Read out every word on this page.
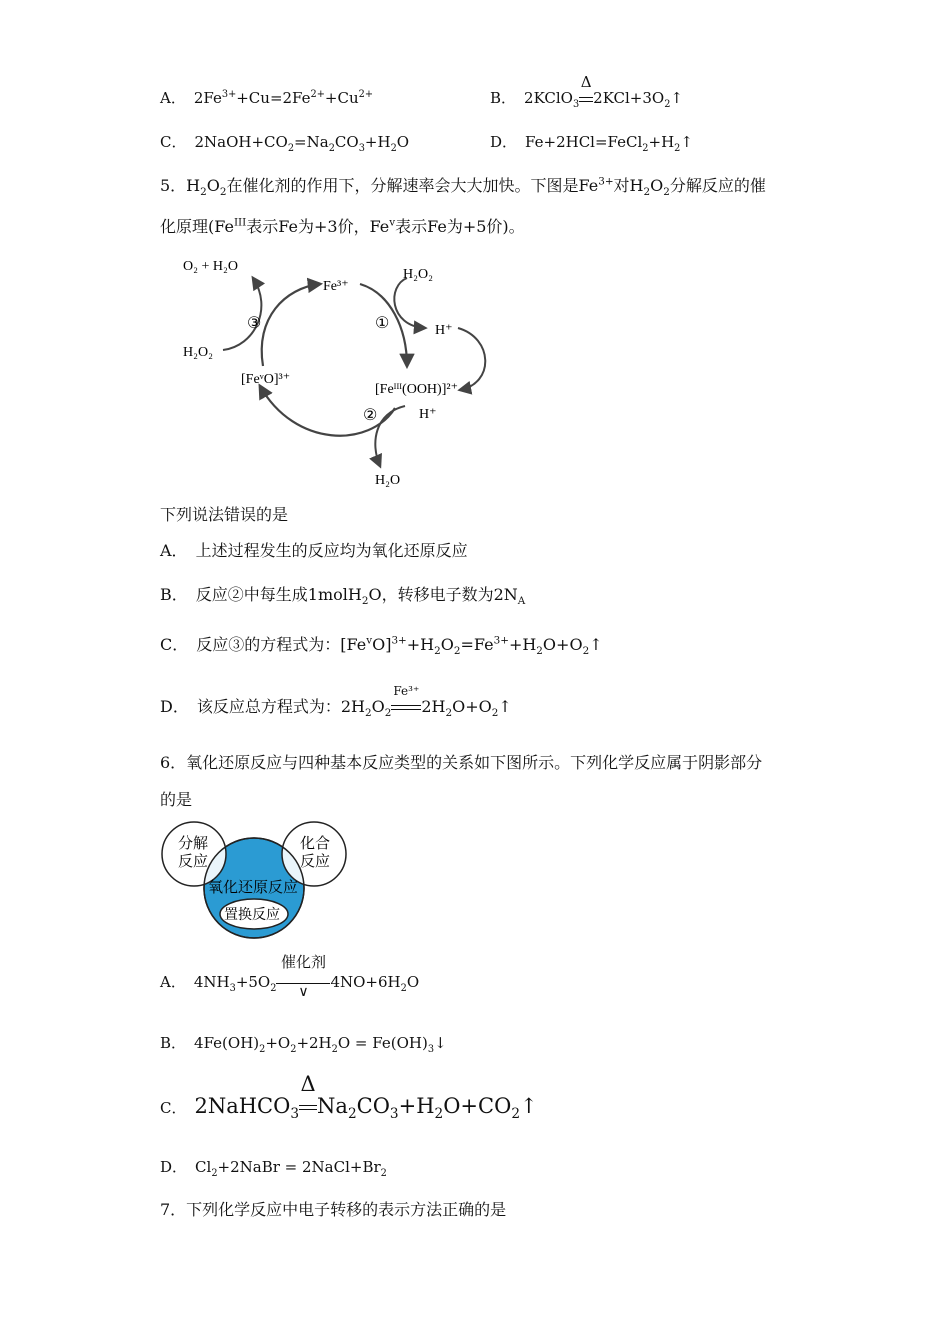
A． $2Fe^{3+}+Cu=2Fe^{2+}+Cu^{2+}$	B． 2KClO$_3$
Δ
$2KCl+3O_2↑$
C． $2NaOH+CO_2=Na_2CO_3+H_2O$	D． $Fe+2HCl=FeCl_2+H_2↑$
5．$H_2O_2$在催化剂的作用下，分解速率会大大加快。下图是$Fe^{3+}$对$H_2O_2$分解反应的催
化原理($Fe^{III}$表示Fe为+3价，Fe$^v$表示Fe为+5价)。
O₂ + H₂O
Fe³⁺
H₂O₂
③	①	H⁺
H₂O₂
[FeᵛO]³⁺
[Feᴵᴵᴵ(OOH)]²⁺
②	H⁺
H₂O
下列说法错误的是
A． 上述过程发生的反应均为氧化还原反应
B． 反应②中每生成1molH$_2$O，转移电子数为$2N_A$
C． 反应③的方程式为：$[Fe^vO]^{3+}+H_2O_2=Fe^{3+}+H_2O+O_2↑$
D． 该反应总方程式为：$2H_2O_2$
Fe³⁺
$2H_2O+O_2↑$
6．氧化还原反应与四种基本反应类型的关系如下图所示。下列化学反应属于阴影部分
的是
分解
反应
化合
反应
氧化还原反应
置换反应
A． $4NH_3+5O_2$
催化剂
∨
$4NO+6H_2O$
B． $4Fe(OH)_2+O_2+2H_2O$ = $Fe(OH)_3↓$
C． 2NaHCO$_3$
Δ
$Na_2CO_3+H_2O+CO_2↑$
D． $Cl_2+2NaBr$ = $2NaCl+Br_2$
7．下列化学反应中电子转移的表示方法正确的是
